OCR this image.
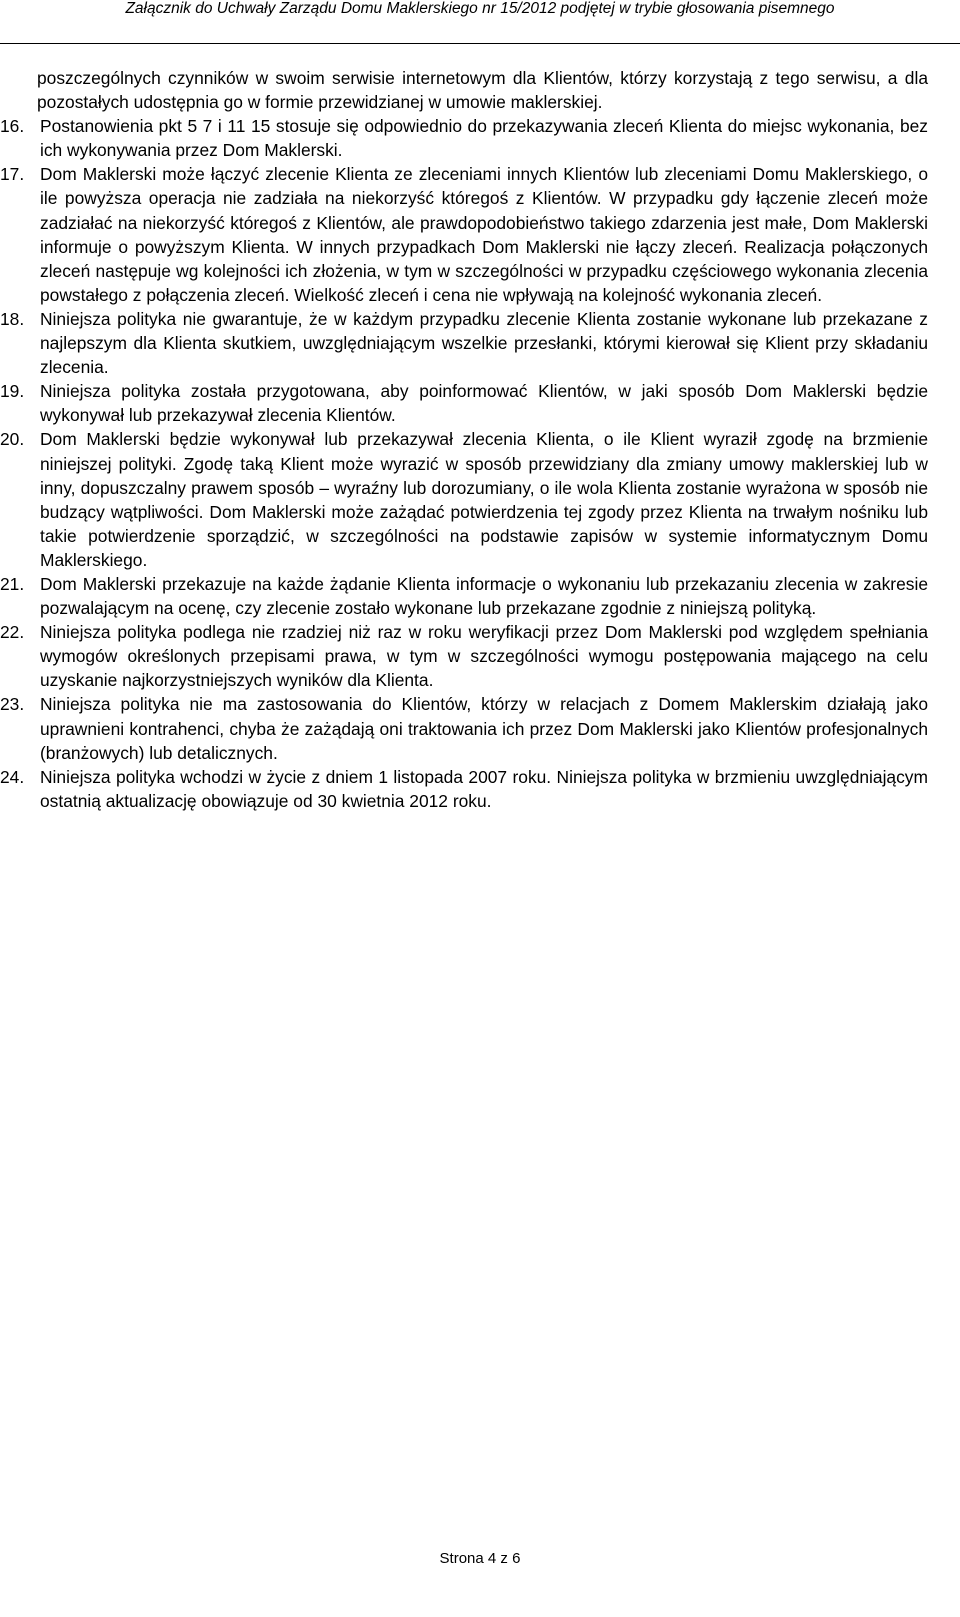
Załącznik do Uchwały Zarządu Domu Maklerskiego nr 15/2012 podjętej w trybie głosowania pisemnego

poszczególnych czynników w swoim serwisie internetowym dla Klientów, którzy korzystają z tego serwisu, a dla pozostałych udostępnia go w formie przewidzianej w umowie maklerskiej.

16. Postanowienia pkt 5 7 i 11 15 stosuje się odpowiednio do przekazywania zleceń Klienta do miejsc wykonania, bez ich wykonywania przez Dom Maklerski.
17. Dom Maklerski może łączyć zlecenie Klienta ze zleceniami innych Klientów lub zleceniami Domu Maklerskiego, o ile powyższa operacja nie zadziała na niekorzyść któregoś z Klientów. W przypadku gdy łączenie zleceń może zadziałać na niekorzyść któregoś z Klientów, ale prawdopodobieństwo takiego zdarzenia jest małe, Dom Maklerski informuje o powyższym Klienta. W innych przypadkach Dom Maklerski nie łączy zleceń. Realizacja połączonych zleceń następuje wg kolejności ich złożenia, w tym w szczególności w przypadku częściowego wykonania zlecenia powstałego z połączenia zleceń. Wielkość zleceń i cena nie wpływają na kolejność wykonania zleceń.
18. Niniejsza polityka nie gwarantuje, że w każdym przypadku zlecenie Klienta zostanie wykonane lub przekazane z najlepszym dla Klienta skutkiem, uwzględniającym wszelkie przesłanki, którymi kierował się Klient przy składaniu zlecenia.
19. Niniejsza polityka została przygotowana, aby poinformować Klientów, w jaki sposób Dom Maklerski będzie wykonywał lub przekazywał zlecenia Klientów.
20. Dom Maklerski będzie wykonywał lub przekazywał zlecenia Klienta, o ile Klient wyraził zgodę na brzmienie niniejszej polityki. Zgodę taką Klient może wyrazić w sposób przewidziany dla zmiany umowy maklerskiej lub w inny, dopuszczalny prawem sposób – wyraźny lub dorozumiany, o ile wola Klienta zostanie wyrażona w sposób nie budzący wątpliwości. Dom Maklerski może zażądać potwierdzenia tej zgody przez Klienta na trwałym nośniku lub takie potwierdzenie sporządzić, w szczególności na podstawie zapisów w systemie informatycznym Domu Maklerskiego.
21. Dom Maklerski przekazuje na każde żądanie Klienta informacje o wykonaniu lub przekazaniu zlecenia w zakresie pozwalającym na ocenę, czy zlecenie zostało wykonane lub przekazane zgodnie z niniejszą polityką.
22. Niniejsza polityka podlega nie rzadziej niż raz w roku weryfikacji przez Dom Maklerski pod względem spełniania wymogów określonych przepisami prawa, w tym w szczególności wymogu postępowania mającego na celu uzyskanie najkorzystniejszych wyników dla Klienta.
23. Niniejsza polityka nie ma zastosowania do Klientów, którzy w relacjach z Domem Maklerskim działają jako uprawnieni kontrahenci, chyba że zażądają oni traktowania ich przez Dom Maklerski jako Klientów profesjonalnych (branżowych) lub detalicznych.
24. Niniejsza polityka wchodzi w życie z dniem 1 listopada 2007 roku. Niniejsza polityka w brzmieniu uwzględniającym ostatnią aktualizację obowiązuje od 30 kwietnia 2012 roku.
Strona 4 z 6
